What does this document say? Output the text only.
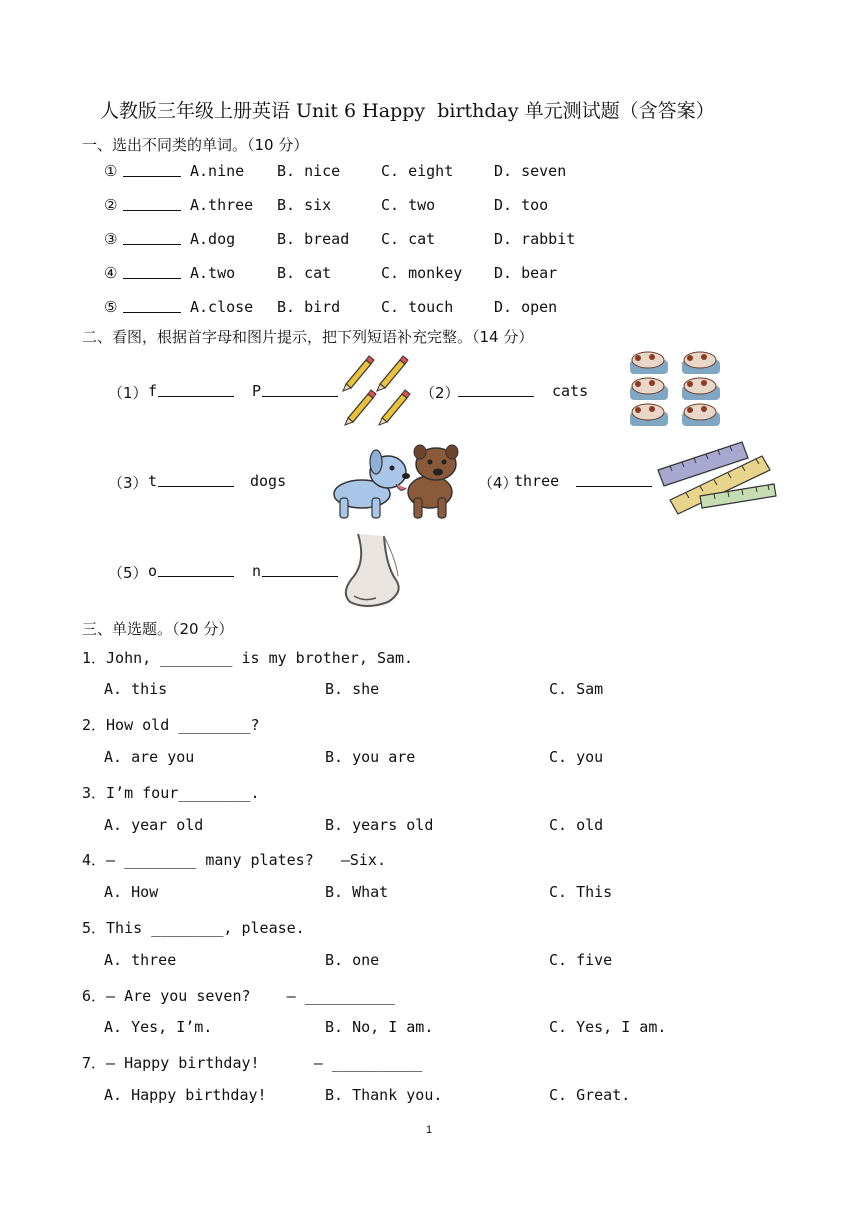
人教版三年级上册英语 Unit 6 Happy  birthday 单元测试题（含答案）
一、选出不同类的单词。（10 分）
①	A.nine B. nice	C. eight	D. seven
②	A.three B. six	C. two	D. too
③	A.dog	B. bread C. cat	D. rabbit
④	A.two	B. cat	C. monkey D. bear
⑤	A.close B. bird	C. touch	D. open
二、看图，根据首字母和图片提示，把下列短语补充完整。（14 分）
（1） f	P	（2）	cats
（3） t	dogs	（4）
three
（5） o	n
三、单选题。（20 分）
1．John, ________ is my brother, Sam.
A. this	B. she	C. Sam
2．How old ________?
A. are you	B. you are	C. you
3．I’m four________.
A. year old	B. years old	C. old
4．— ________ many plates?   —Six.
A. How	B. What	C. This
5．This ________, please.
A. three	B. one	C. five
6．— Are you seven?    — __________
A. Yes, I’m.	B. No, I am.	C. Yes, I am.
7．— Happy birthday!      — __________
A. Happy birthday!	B. Thank you.	C. Great.
1
